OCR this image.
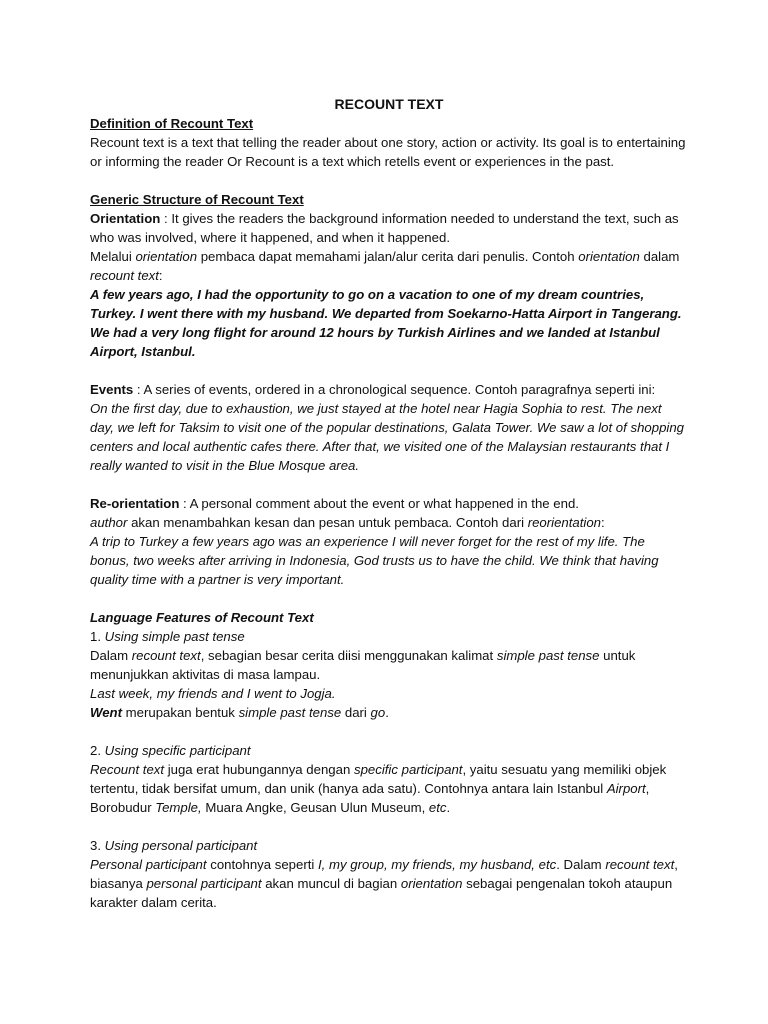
RECOUNT TEXT

Definition of Recount Text

Recount text is a text that telling the reader about one story, action or activity. Its goal is to entertaining or informing the reader Or Recount is a text which retells event or experiences in the past.

Generic Structure of Recount Text

Orientation : It gives the readers the background information needed to understand the text, such as who was involved, where it happened, and when it happened.

Melalui orientation pembaca dapat memahami jalan/alur cerita dari penulis. Contoh orientation dalam recount text:

A few years ago, I had the opportunity to go on a vacation to one of my dream countries, Turkey. I went there with my husband. We departed from Soekarno-Hatta Airport in Tangerang. We had a very long flight for around 12 hours by Turkish Airlines and we landed at Istanbul Airport, Istanbul.

Events : A series of events, ordered in a chronological sequence. Contoh paragrafnya seperti ini:

On the first day, due to exhaustion, we just stayed at the hotel near Hagia Sophia to rest. The next day, we left for Taksim to visit one of the popular destinations, Galata Tower. We saw a lot of shopping centers and local authentic cafes there. After that, we visited one of the Malaysian restaurants that I really wanted to visit in the Blue Mosque area.

Re-orientation : A personal comment about the event or what happened in the end.

author akan menambahkan kesan dan pesan untuk pembaca. Contoh dari reorientation:

A trip to Turkey a few years ago was an experience I will never forget for the rest of my life. The bonus, two weeks after arriving in Indonesia, God trusts us to have the child. We think that having quality time with a partner is very important.

Language Features of Recount Text

1. Using simple past tense

Dalam recount text, sebagian besar cerita diisi menggunakan kalimat simple past tense untuk menunjukkan aktivitas di masa lampau.

Last week, my friends and I went to Jogja.

Went merupakan bentuk simple past tense dari go.

2. Using specific participant

Recount text juga erat hubungannya dengan specific participant, yaitu sesuatu yang memiliki objek tertentu, tidak bersifat umum, dan unik (hanya ada satu). Contohnya antara lain Istanbul Airport, Borobudur Temple, Muara Angke, Geusan Ulun Museum, etc.

3. Using personal participant

Personal participant contohnya seperti I, my group, my friends, my husband, etc. Dalam recount text, biasanya personal participant akan muncul di bagian orientation sebagai pengenalan tokoh ataupun karakter dalam cerita.
